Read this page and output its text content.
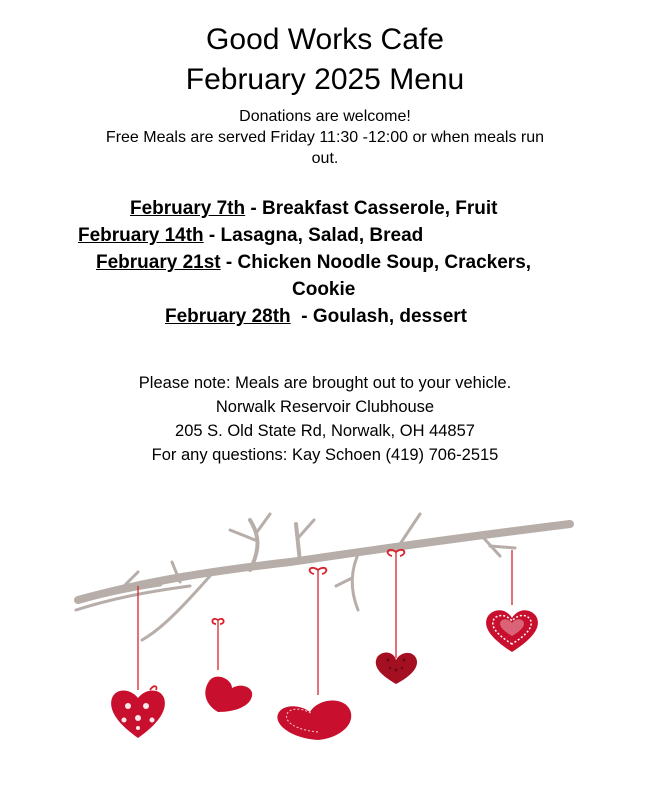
Good Works Cafe
February 2025 Menu
Donations are welcome!
Free Meals are served Friday 11:30 -12:00 or when meals run
out.
February 7th - Breakfast Casserole, Fruit
February 14th - Lasagna, Salad, Bread
February 21st - Chicken Noodle Soup, Crackers,
Cookie
February 28th  - Goulash, dessert
Please note: Meals are brought out to your vehicle.
Norwalk Reservoir Clubhouse
205 S. Old State Rd, Norwalk, OH 44857
For any questions: Kay Schoen (419) 706-2515
